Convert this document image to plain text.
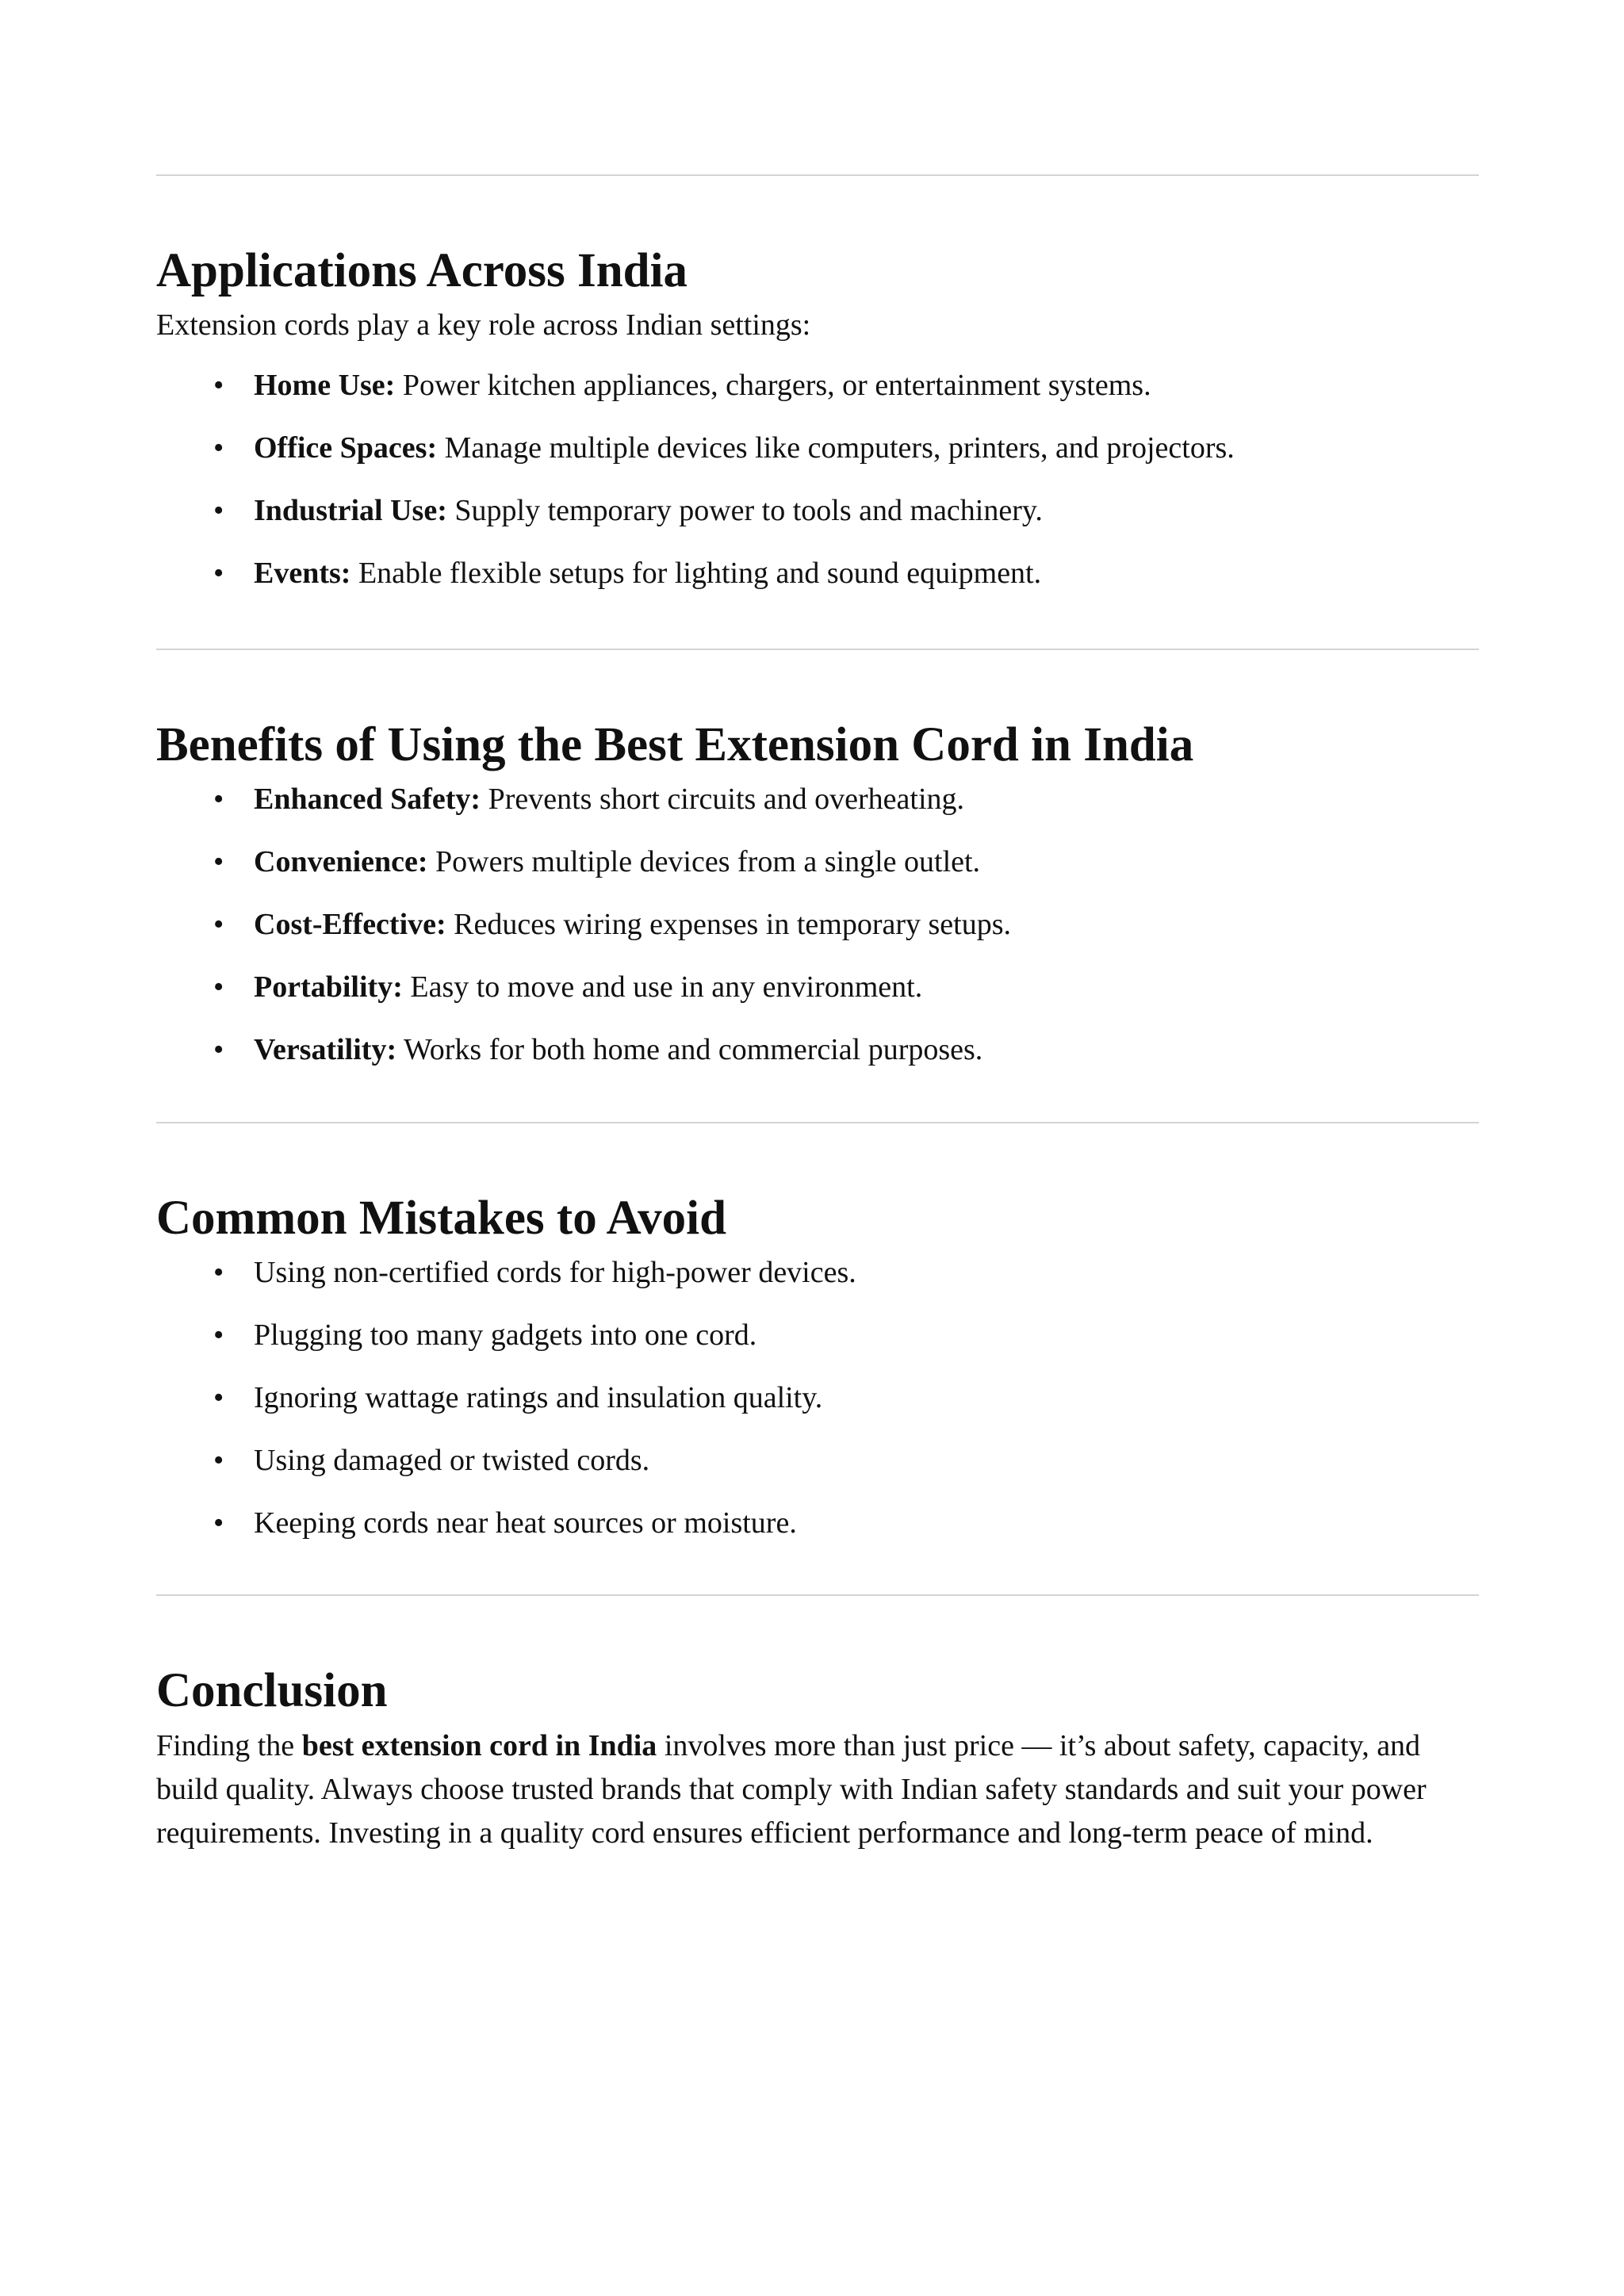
Applications Across India

Extension cords play a key role across Indian settings:

• Home Use: Power kitchen appliances, chargers, or entertainment systems.
• Office Spaces: Manage multiple devices like computers, printers, and projectors.
• Industrial Use: Supply temporary power to tools and machinery.
• Events: Enable flexible setups for lighting and sound equipment.
Benefits of Using the Best Extension Cord in India
• Enhanced Safety: Prevents short circuits and overheating.
• Convenience: Powers multiple devices from a single outlet.
• Cost-Effective: Reduces wiring expenses in temporary setups.
• Portability: Easy to move and use in any environment.
• Versatility: Works for both home and commercial purposes.
Common Mistakes to Avoid
• Using non-certified cords for high-power devices.
• Plugging too many gadgets into one cord.
• Ignoring wattage ratings and insulation quality.
• Using damaged or twisted cords.
• Keeping cords near heat sources or moisture.
Conclusion

Finding the best extension cord in India involves more than just price — it’s about safety, capacity, and build quality. Always choose trusted brands that comply with Indian safety standards and suit your power requirements. Investing in a quality cord ensures efficient performance and long-term peace of mind.
